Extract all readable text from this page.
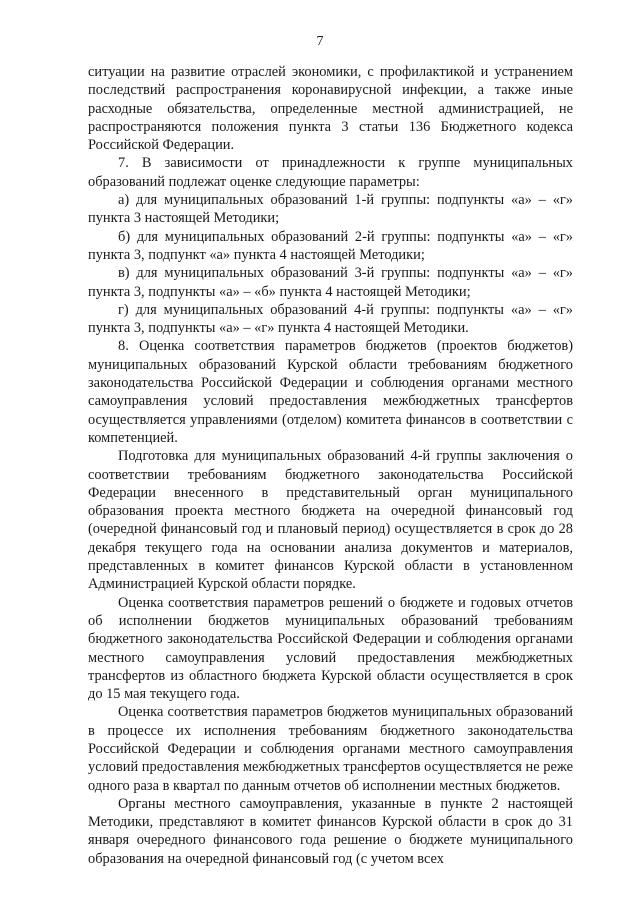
7

ситуации на развитие отраслей экономики, с профилактикой и устранением последствий распространения коронавирусной инфекции, а также иные расходные обязательства, определенные местной администрацией, не распространяются положения пункта 3 статьи 136 Бюджетного кодекса Российской Федерации.

7. В зависимости от принадлежности к группе муниципальных образований подлежат оценке следующие параметры:

а) для муниципальных образований 1-й группы: подпункты «а» – «г» пункта 3 настоящей Методики;

б) для муниципальных образований 2-й группы: подпункты «а» – «г» пункта 3, подпункт «а» пункта 4 настоящей Методики;

в) для муниципальных образований 3-й группы: подпункты «а» – «г» пункта 3, подпункты «а» – «б» пункта 4 настоящей Методики;

г) для муниципальных образований 4-й группы: подпункты «а» – «г» пункта 3, подпункты «а» – «г» пункта 4 настоящей Методики.

8. Оценка соответствия параметров бюджетов (проектов бюджетов) муниципальных образований Курской области требованиям бюджетного законодательства Российской Федерации и соблюдения органами местного самоуправления условий предоставления межбюджетных трансфертов осуществляется управлениями (отделом) комитета финансов в соответствии с компетенцией.

Подготовка для муниципальных образований 4-й группы заключения о соответствии требованиям бюджетного законодательства Российской Федерации внесенного в представительный орган муниципального образования проекта местного бюджета на очередной финансовый год (очередной финансовый год и плановый период) осуществляется в срок до 28 декабря текущего года на основании анализа документов и материалов, представленных в комитет финансов Курской области в установленном Администрацией Курской области порядке.

Оценка соответствия параметров решений о бюджете и годовых отчетов об исполнении бюджетов муниципальных образований требованиям бюджетного законодательства Российской Федерации и соблюдения органами местного самоуправления условий предоставления межбюджетных трансфертов из областного бюджета Курской области осуществляется в срок до 15 мая текущего года.

Оценка соответствия параметров бюджетов муниципальных образований в процессе их исполнения требованиям бюджетного законодательства Российской Федерации и соблюдения органами местного самоуправления условий предоставления межбюджетных трансфертов осуществляется не реже одного раза в квартал по данным отчетов об исполнении местных бюджетов.

Органы местного самоуправления, указанные в пункте 2 настоящей Методики, представляют в комитет финансов Курской области в срок до 31 января очередного финансового года решение о бюджете муниципального образования на очередной финансовый год (с учетом всех
